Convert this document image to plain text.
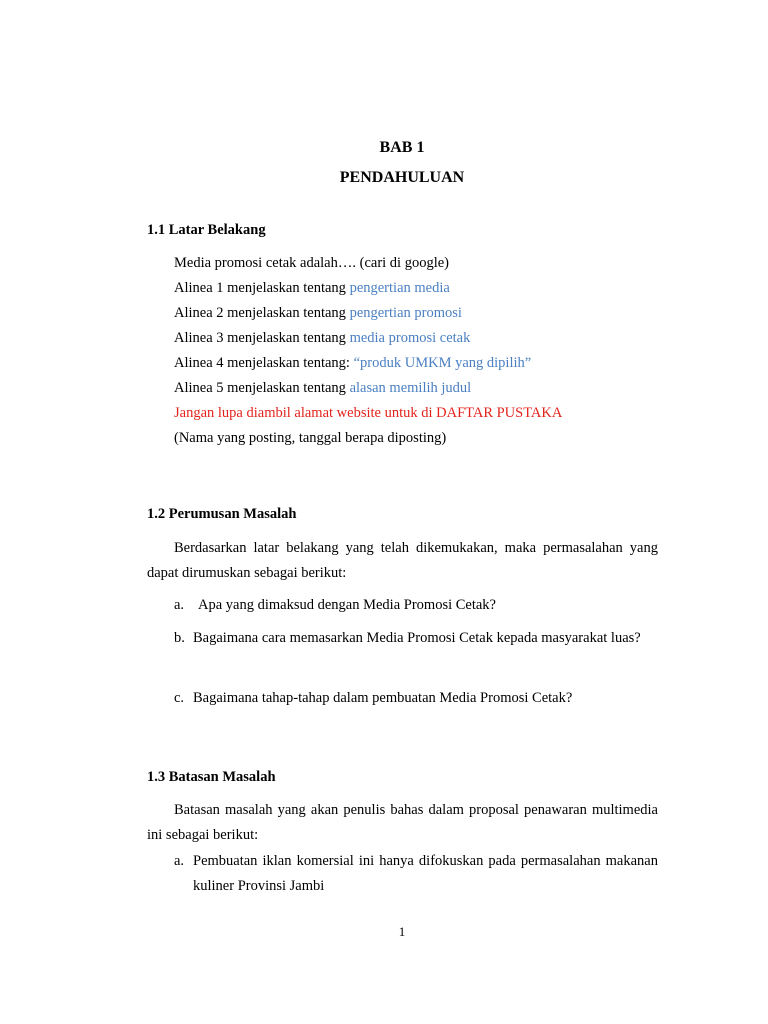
BAB 1
PENDAHULUAN
1.1 Latar Belakang
Media promosi cetak adalah…. (cari di google)
Alinea 1 menjelaskan tentang pengertian media
Alinea 2 menjelaskan tentang pengertian promosi
Alinea 3 menjelaskan tentang media promosi cetak
Alinea 4 menjelaskan tentang: “produk UMKM yang dipilih”
Alinea 5 menjelaskan tentang alasan memilih judul
Jangan lupa diambil alamat website untuk di DAFTAR PUSTAKA
(Nama yang posting, tanggal berapa diposting)
1.2 Perumusan Masalah
Berdasarkan latar belakang yang telah dikemukakan, maka permasalahan yang dapat dirumuskan sebagai berikut:
a. Apa yang dimaksud dengan Media Promosi Cetak?
b. Bagaimana cara memasarkan Media Promosi Cetak kepada masyarakat luas?
c. Bagaimana tahap-tahap dalam pembuatan Media Promosi Cetak?
1.3 Batasan Masalah
Batasan masalah yang akan penulis bahas dalam proposal penawaran multimedia ini sebagai berikut:
a. Pembuatan iklan komersial ini hanya difokuskan pada permasalahan makanan kuliner Provinsi Jambi
1
